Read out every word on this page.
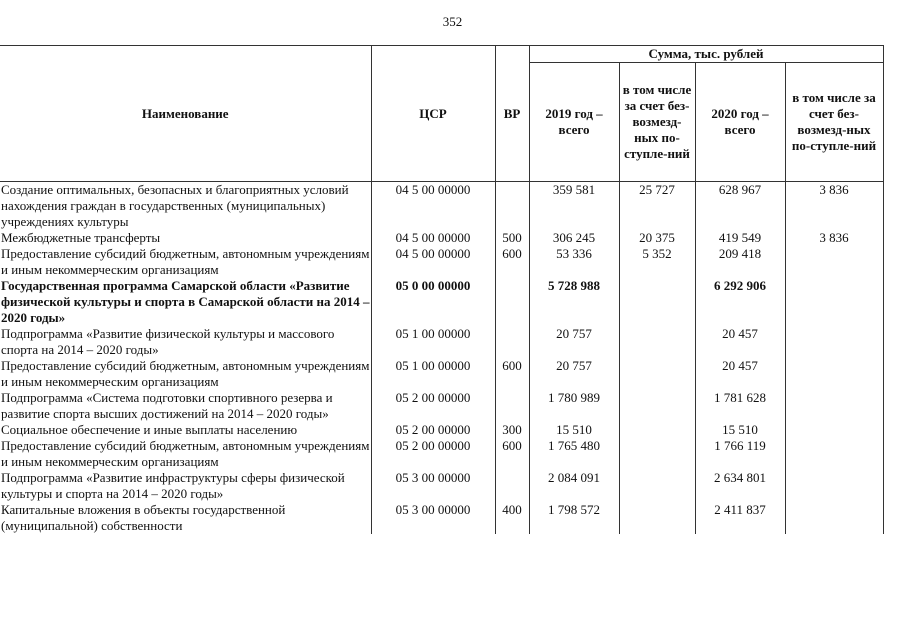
352
Наименование	ЦСР	ВР	Сумма, тыс. рублей			
			2019 год – всего	в том числе за счет без-возмезд-ных по-ступле-ний	2020 год – всего	в том числе за счет без-возмезд-ных по-ступле-ний
Создание оптимальных, безопасных и благоприятных условий нахождения граждан в государственных (муниципальных) учреждениях культуры	04 5 00 00000		359 581	25 727	628 967	3 836
Межбюджетные трансферты	04 5 00 00000	500	306 245	20 375	419 549	3 836
Предоставление субсидий бюджетным, автономным учреждениям и иным некоммерческим организациям	04 5 00 00000	600	53 336	5 352	209 418	
Государственная программа Самарской области «Развитие физической культуры и спорта в Самарской области на 2014 – 2020 годы»	05 0 00 00000		5 728 988		6 292 906	
Подпрограмма «Развитие физической культуры и массового спорта на 2014 – 2020 годы»	05 1 00 00000		20 757		20 457	
Предоставление субсидий бюджетным, автономным учреждениям и иным некоммерческим организациям	05 1 00 00000	600	20 757		20 457	
Подпрограмма «Система подготовки спортивного резерва и развитие спорта высших достижений на 2014 – 2020 годы»	05 2 00 00000		1 780 989		1 781 628	
Социальное обеспечение и иные выплаты населению	05 2 00 00000	300	15 510		15 510	
Предоставление субсидий бюджетным, автономным учреждениям и иным некоммерческим организациям	05 2 00 00000	600	1 765 480		1 766 119	
Подпрограмма «Развитие инфраструктуры сферы физической культуры и спорта на 2014 – 2020 годы»	05 3 00 00000		2 084 091		2 634 801	
Капитальные вложения в объекты государственной (муниципальной) собственности	05 3 00 00000	400	1 798 572		2 411 837	
